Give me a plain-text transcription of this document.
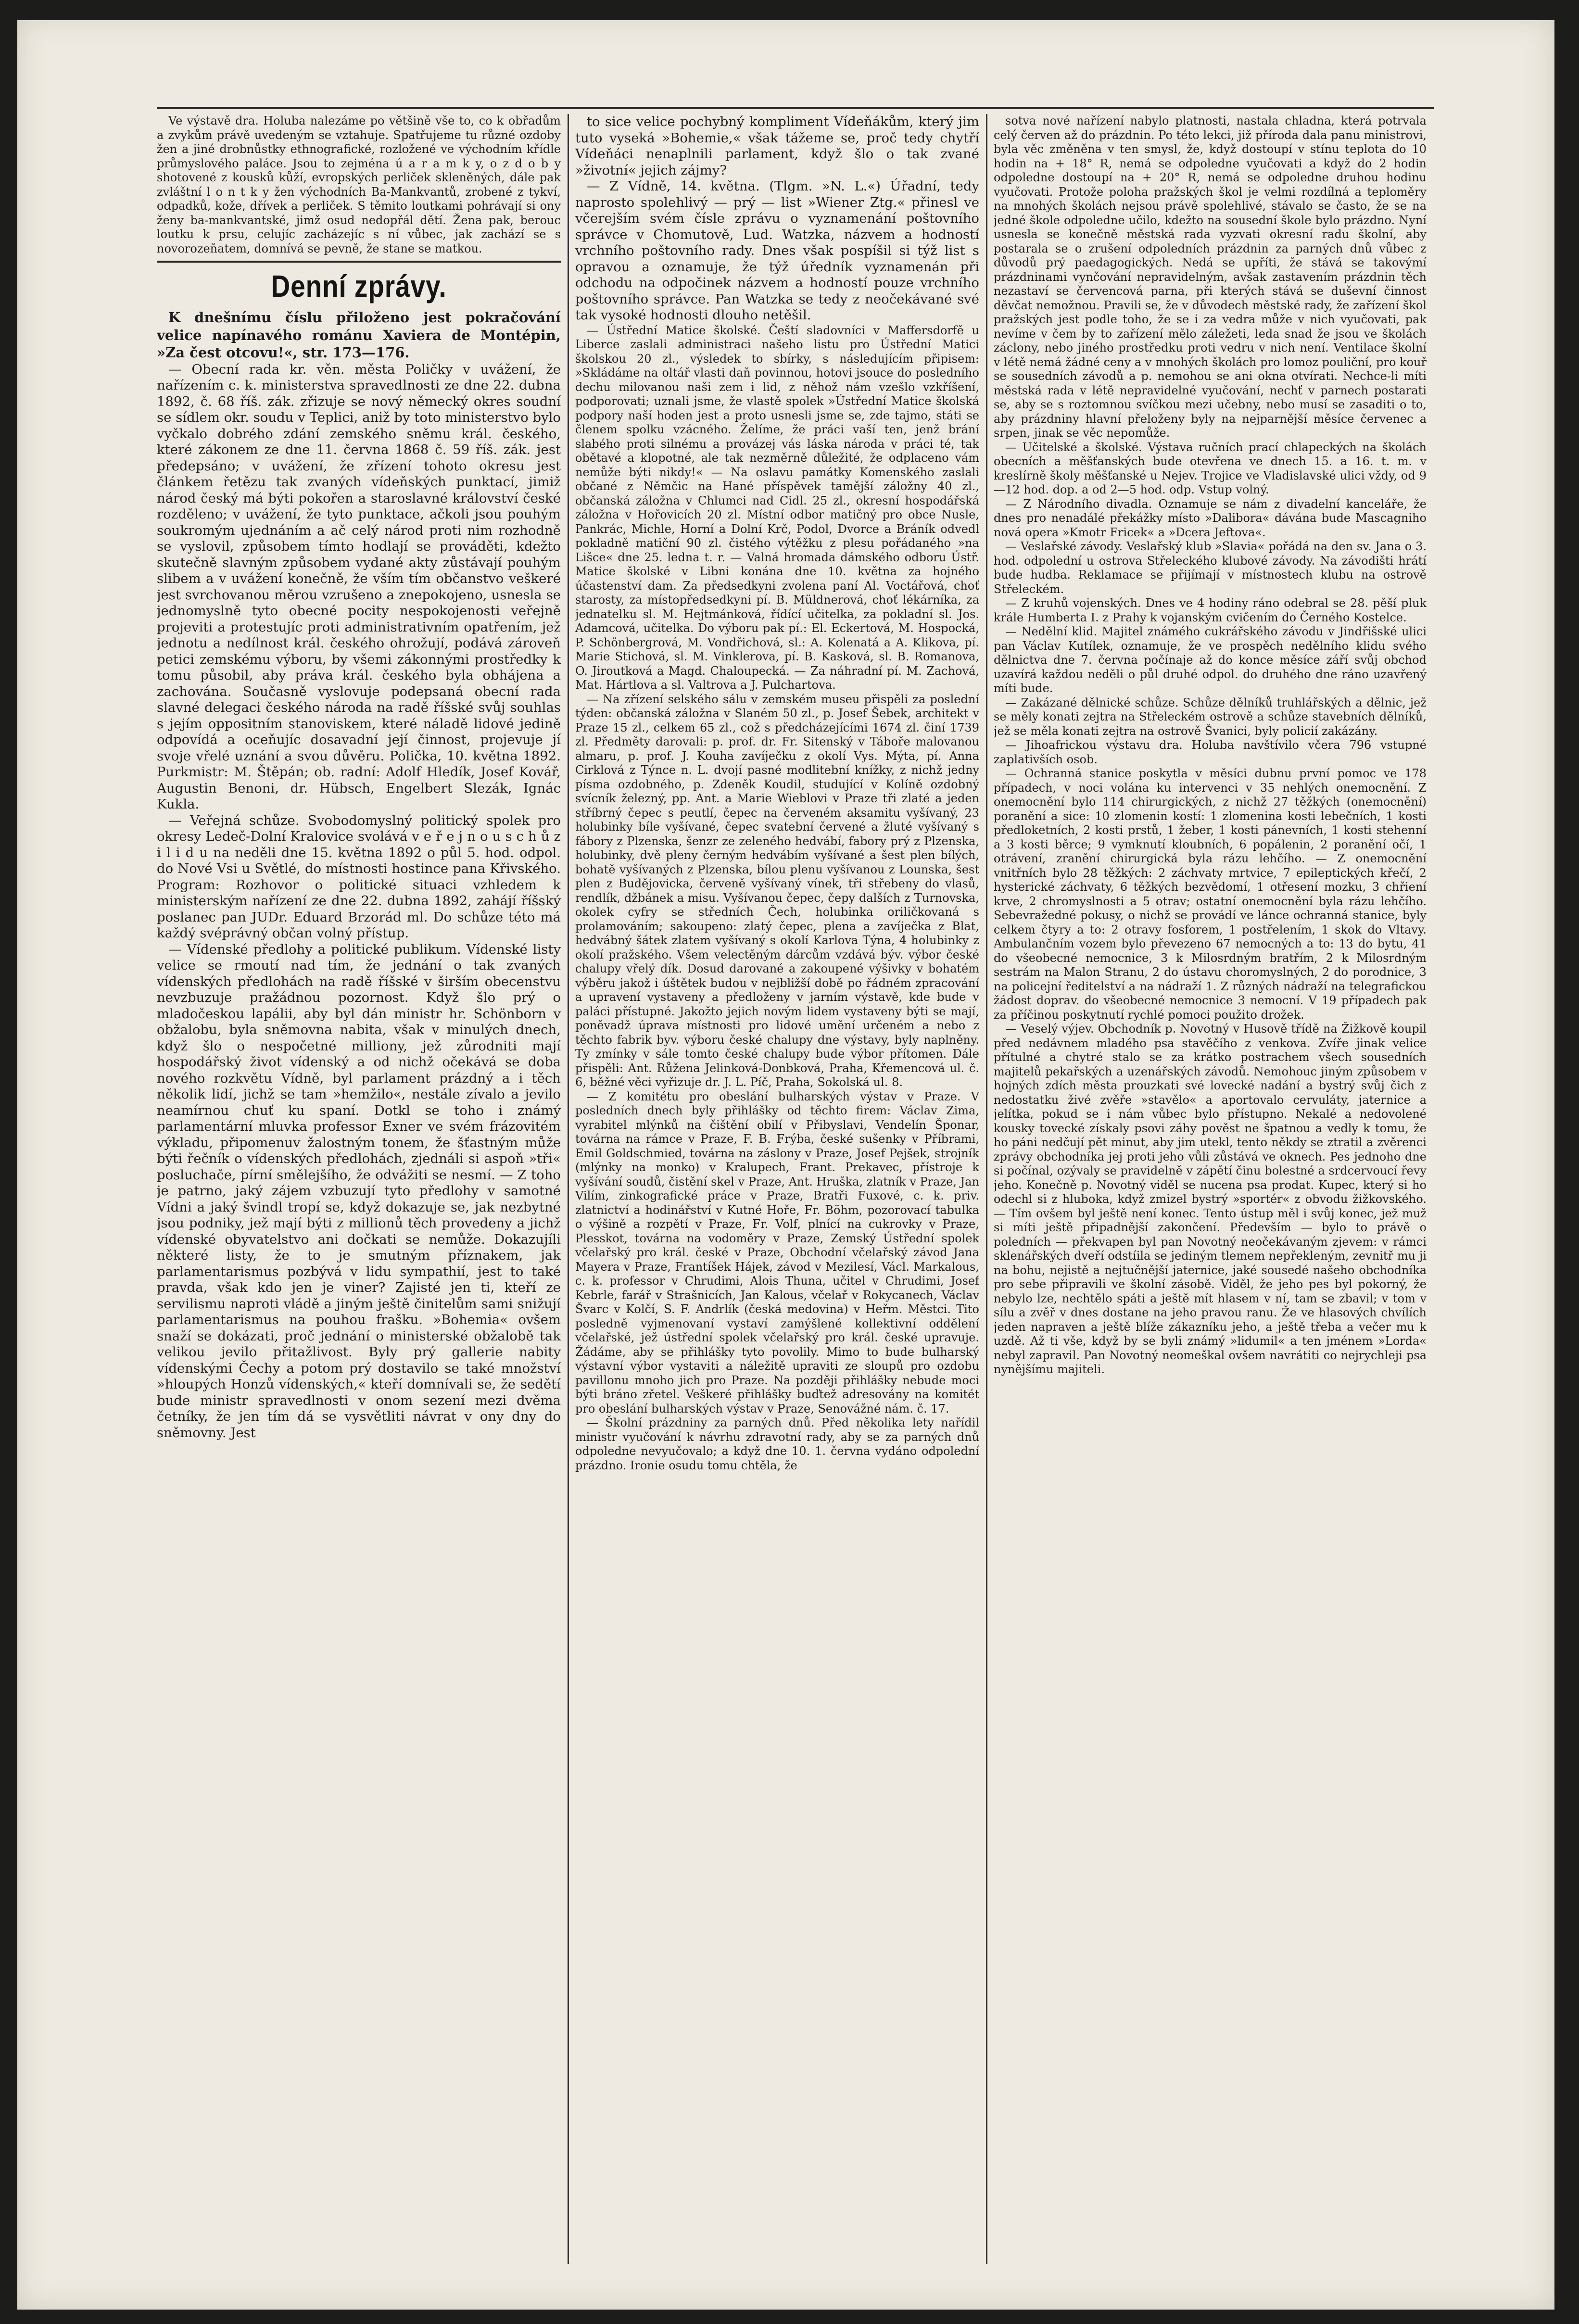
Ve výstavě dra. Holuba nalezáme po většině vše to, co k obřadům a zvykům právě uvedeným se vztahuje. Spatřujeme tu různé ozdoby žen a jiné drobnůstky ethnografické, rozložené ve východním křídle průmyslového paláce. Jsou to zejména ú a r a m k y, o z d o b y shotovené z kousků kůží, evropských perliček skleněných, dále pak zvláštní l o n t k y žen východních Ba-Mankvantů, zrobené z tykví, odpadků, kože, dřívek a perliček. S těmito loutkami pohrávají si ony ženy ba-mankvantské, jimž osud nedopřál dětí. Žena pak, berouc loutku k prsu, celujíc zacházejíc s ní vůbec, jak zachází se s novorozeňatem, domnívá se pevně, že stane se matkou.

Denní zprávy.

K dnešnímu číslu přiloženo jest pokračování velice napínavého románu Xaviera de Montépin, »Za čest otcovu!«, str. 173—176.

— Obecní rada kr. věn. města Poličky v uvážení, že nařízením c. k. ministerstva spravedlnosti ze dne 22. dubna 1892, č. 68 říš. zák. zřizuje se nový německý okres soudní se sídlem okr. soudu v Teplici, aniž by toto ministerstvo bylo vyčkalo dobrého zdání zemského sněmu král. českého, které zákonem ze dne 11. června 1868 č. 59 říš. zák. jest předepsáno; v uvážení, že zřízení tohoto okresu jest článkem řetězu tak zvaných vídeňských punktací, jimiž národ český má býti pokořen a staroslavné království české rozděleno; v uvážení, že tyto punktace, ačkoli jsou pouhým soukromým ujednáním a ač celý národ proti nim rozhodně se vyslovil, způsobem tímto hodlají se prováděti, kdežto skutečně slavným způsobem vydané akty zůstávají pouhým slibem a v uvážení konečně, že vším tím občanstvo veškeré jest svrchovanou měrou vzrušeno a znepokojeno, usnesla se jednomyslně tyto obecné pocity nespokojenosti veřejně projeviti a protestujíc proti administrativním opatřením, jež jednotu a nedílnost král. českého ohrožují, podává zároveň petici zemskému výboru, by všemi zákonnými prostředky k tomu působil, aby práva král. českého byla obhájena a zachována. Současně vyslovuje podepsaná obecní rada slavné delegaci českého národa na radě říšské svůj souhlas s jejím oppositním stanoviskem, které náladě lidové jedině odpovídá a oceňujíc dosavadní její činnost, projevuje jí svoje vřelé uznání a svou důvěru. Polička, 10. května 1892. Purkmistr: M. Štěpán; ob. radní: Adolf Hledík, Josef Kovář, Augustin Benoni, dr. Hübsch, Engelbert Slezák, Ignác Kukla.

— Veřejná schůze. Svobodomyslný politický spolek pro okresy Ledeč-Dolní Kralovice svolává v e ř e j n o u s c h ů z i l i d u na neděli dne 15. května 1892 o půl 5. hod. odpol. do Nové Vsi u Světlé, do místnosti hostince pana Křivského. Program: Rozhovor o politické situaci vzhledem k ministerským nařízení ze dne 22. dubna 1892, zahájí říšský poslanec pan JUDr. Eduard Brzorád ml. Do schůze této má každý svéprávný občan volný přístup.

— Vídenské předlohy a politické publikum. Vídenské listy velice se rmoutí nad tím, že jednání o tak zvaných vídenských předlohách na radě říšské v širším obecenstvu nevzbuzuje pražádnou pozornost. Když šlo prý o mladočeskou lapálii, aby byl dán ministr hr. Schönborn v obžalobu, byla sněmovna nabita, však v minulých dnech, když šlo o nespočetné milliony, jež zůrodniti mají hospodářský život vídenský a od nichž očekává se doba nového rozkvětu Vídně, byl parlament prázdný a i těch několik lidí, jichž se tam »hemžilo«, nestále zívalo a jevilo neamírnou chuť ku spaní. Dotkl se toho i známý parlamentární mluvka professor Exner ve svém frázovitém výkladu, připomenuv žalostným tonem, že šťastným může býti řečník o vídenských předlohách, zjednáli si aspoň »tři« posluchače, pírní smělejšího, že odvážiti se nesmí. — Z toho je patrno, jaký zájem vzbuzují tyto předlohy v samotné Vídni a jaký švindl tropí se, když dokazuje se, jak nezbytné jsou podniky, jež mají býti z millionů těch provedeny a jichž vídenské obyvatelstvo ani dočkati se nemůže. Dokazujíli některé listy, že to je smutným příznakem, jak parlamentarismus pozbývá v lidu sympathií, jest to také pravda, však kdo jen je viner? Zajisté jen ti, kteří ze servilismu naproti vládě a jiným ještě činitelům sami snižují parlamentarismus na pouhou frašku. »Bohemia« ovšem snaží se dokázati, proč jednání o ministerské obžalobě tak velikou jevilo přitažlivost. Byly prý gallerie nabity vídenskými Čechy a potom prý dostavilo se také množství »hloupých Honzů vídenských,« kteří domnívali se, že sedětí bude ministr spravedlnosti v onom sezení mezi dvěma četníky, že jen tím dá se vysvětliti návrat v ony dny do sněmovny. Jest

to sice velice pochybný kompliment Vídeňákům, který jim tuto vyseká »Bohemie,« však tážeme se, proč tedy chytří Vídeňáci nenaplnili parlament, když šlo o tak zvané »životní« jejich zájmy?

— Z Vídně, 14. května. (Tlgm. »N. L.«) Úřadní, tedy naprosto spolehlivý — prý — list »Wiener Ztg.« přinesl ve včerejším svém čísle zprávu o vyznamenání poštovního správce v Chomutově, Lud. Watzka, názvem a hodností vrchního poštovního rady. Dnes však pospíšil si týž list s opravou a oznamuje, že týž úředník vyznamenán při odchodu na odpočinek názvem a hodností pouze vrchního poštovního správce. Pan Watzka se tedy z neočekávané své tak vysoké hodnosti dlouho netěšil.

— Ústřední Matice školské. Čeští sladovníci v Maffersdorfě u Liberce zaslali administraci našeho listu pro Ústřední Matici školskou 20 zl., výsledek to sbírky, s následujícím připisem: »Skládáme na oltář vlasti daň povinnou, hotovi jsouce do posledního dechu milovanou naši zem i lid, z něhož nám vzešlo vzkříšení, podporovati; uznali jsme, že vlastě spolek »Ústřední Matice školská podpory naší hoden jest a proto usnesli jsme se, zde tajmo, státi se členem spolku vzácného. Želíme, že práci vaší ten, jenž brání slabého proti silnému a provázej vás láska národa v práci té, tak obětavé a klopotné, ale tak nezměrně důležité, že odplaceno vám nemůže býti nikdy!« — Na oslavu památky Komenského zaslali občané z Němčic na Hané příspěvek tamější záložny 40 zl., občanská záložna v Chlumci nad Cidl. 25 zl., okresní hospodářská záložna v Hořovicích 20 zl. Místní odbor matičný pro obce Nusle, Pankrác, Michle, Horní a Dolní Krč, Podol, Dvorce a Bráník odvedl pokladně matiční 90 zl. čistého výtěžku z plesu pořádaného »na Lišce« dne 25. ledna t. r. — Valná hromada dámského odboru Ústř. Matice školské v Libni konána dne 10. května za hojného účastenství dam. Za předsedkyni zvolena paní Al. Voctářová, choť starosty, za místopředsedkyni pí. B. Müldnerová, choť lékárníka, za jednatelku sl. M. Hejtmánková, řídící učitelka, za pokladní sl. Jos. Adamcová, učitelka. Do výboru pak pí.: El. Eckertová, M. Hospocká, P. Schönbergrová, M. Vondřichová, sl.: A. Kolenatá a A. Klikova, pí. Marie Stichová, sl. M. Vinklerova, pí. B. Kasková, sl. B. Romanova, O. Jiroutková a Magd. Chaloupecká. — Za náhradní pí. M. Zachová, Mat. Hártlova a sl. Valtrova a J. Pulchartova.

— Na zřízení selského sálu v zemském museu přispěli za poslední týden: občanská záložna v Slaném 50 zl., p. Josef Šebek, architekt v Praze 15 zl., celkem 65 zl., což s předcházejícími 1674 zl. činí 1739 zl. Předměty darovali: p. prof. dr. Fr. Sitenský v Táboře malovanou almaru, p. prof. J. Kouha zavíječku z okolí Vys. Mýta, pí. Anna Cirklová z Týnce n. L. dvojí pasné modlitební knížky, z nichž jedny písma ozdobného, p. Zdeněk Koudil, studující v Kolíně ozdobný svícník železný, pp. Ant. a Marie Wieblovi v Praze tři zlaté a jeden stříbrný čepec s peutlí, čepec na červeném aksamitu vyšívaný, 23 holubinky bíle vyšívané, čepec svatební červené a žluté vyšívaný s fábory z Plzenska, šenzr ze zeleného hedvábí, fabory prý z Plzenska, holubinky, dvě pleny černým hedvábím vyšívané a šest plen bílých, bohatě vyšívaných z Plzenska, bílou plenu vyšívanou z Lounska, šest plen z Budějovicka, červeně vyšívaný vínek, tři střebeny do vlasů, rendlík, džbánek a misu. Vyšívanou čepec, čepy dalších z Turnovska, okolek cyfry se středních Čech, holubinka oriličkovaná s prolamováním; sakoupeno: zlatý čepec, plena a zavíječka z Blat, hedvábný šátek zlatem vyšívaný s okolí Karlova Týna, 4 holubinky z okolí pražského. Všem velectěným dárcům vzdává býv. výbor české chalupy vřelý dík. Dosud darované a zakoupené výšivky v bohatém výběru jakož i úštětek budou v nejbližší době po řádném zpracování a upravení vystaveny a předloženy v jarním výstavě, kde bude v paláci přístupné. Jakožto jejich novým lidem vystaveny býti se mají, poněvadž úprava místnosti pro lidové umění určeném a nebo z těchto fabrik byv. výboru české chalupy dne výstavy, byly naplněny. Ty zmínky v sále tomto české chalupy bude výbor přítomen. Dále přispěli: Ant. Růžena Jelinková-Donbková, Praha, Křemencová ul. č. 6, běžné věci vyřizuje dr. J. L. Píč, Praha, Sokolská ul. 8.

— Z komitétu pro obeslání bulharských výstav v Praze. V posledních dnech byly přihlášky od těchto firem: Václav Zima, vyrabitel mlýnků na čištění obilí v Přibyslavi, Vendelín Šponar, továrna na rámce v Praze, F. B. Frýba, české sušenky v Příbrami, Emil Goldschmied, továrna na záslony v Praze, Josef Pejšek, strojník (mlýnky na monko) v Kralupech, Frant. Prekavec, přístroje k vyšívání soudů, čistění skel v Praze, Ant. Hruška, zlatník v Praze, Jan Vilím, zinkografické práce v Praze, Bratři Fuxové, c. k. priv. zlatnictví a hodinářství v Kutné Hoře, Fr. Böhm, pozorovací tabulka o výšině a rozpětí v Praze, Fr. Volf, plnící na cukrovky v Praze, Plesskot, továrna na vodoměry v Praze, Zemský Ústřední spolek včelařský pro král. české v Praze, Obchodní včelařský závod Jana Mayera v Praze, Frantíšek Hájek, závod v Mezilesí, Václ. Markalous, c. k. professor v Chrudimi, Alois Thuna, učitel v Chrudimi, Josef Kebrle, farář v Strašnicích, Jan Kalous, včelař v Rokycanech, Václav Švarc v Kolčí, S. F. Andrlík (česká medovina) v Heřm. Městci. Tito posledně vyjmenovaní vystaví zamýšlené kollektivní oddělení včelařské, jež ústřední spolek včelařský pro král. české upravuje. Žádáme, aby se přihlášky tyto povolily. Mimo to bude bulharský výstavní výbor vystaviti a náležitě upraviti ze sloupů pro ozdobu pavillonu mnoho jich pro Praze. Na později přihlášky nebude moci býti bráno zřetel. Veškeré přihlášky buďtež adresovány na komitét pro obeslání bulharských výstav v Praze, Senovážné nám. č. 17.

— Školní prázdniny za parných dnů. Před několika lety nařídil ministr vyučování k návrhu zdravotní rady, aby se za parných dnů odpoledne nevyučovalo; a když dne 10. 1. června vydáno odpolední prázdno. Ironie osudu tomu chtěla, že

sotva nové nařízení nabylo platnosti, nastala chladna, která potrvala celý červen až do prázdnin. Po této lekci, již příroda dala panu ministrovi, byla věc změněna v ten smysl, že, když dostoupí v stínu teplota do 10 hodin na + 18° R, nemá se odpoledne vyučovati a když do 2 hodin odpoledne dostoupí na + 20° R, nemá se odpoledne druhou hodinu vyučovati. Protože poloha pražských škol je velmi rozdílná a teploměry na mnohých školách nejsou právě spolehlivé, stávalo se často, že se na jedné škole odpoledne učilo, kdežto na sousední škole bylo prázdno. Nyní usnesla se konečně městská rada vyzvati okresní radu školní, aby postarala se o zrušení odpoledních prázdnin za parných dnů vůbec z důvodů prý paedagogických. Nedá se upříti, že stává se takovýmí prázdninami vynčování nepravidelným, avšak zastavením prázdnin těch nezastaví se červencová parna, při kterých stává se duševní činnost děvčat nemožnou. Pravili se, že v důvodech městské rady, že zařízení škol pražských jest podle toho, že se i za vedra může v nich vyučovati, pak nevíme v čem by to zařízení mělo záležeti, leda snad že jsou ve školách záclony, nebo jiného prostředku proti vedru v nich není. Ventilace školní v létě nemá žádné ceny a v mnohých školách pro lomoz pouliční, pro kouř se sousedních závodů a p. nemohou se ani okna otvírati. Nechce-li míti městská rada v létě nepravidelné vyučování, nechť v parnech postarati se, aby se s roztomnou svíčkou mezi učebny, nebo musí se zasaditi o to, aby prázdniny hlavní přeloženy byly na nejparnější měsíce červenec a srpen, jinak se věc nepomůže.

— Učitelské a školské. Výstava ručních prací chlapeckých na školách obecních a měšťanských bude otevřena ve dnech 15. a 16. t. m. v kreslírně školy měšťanské u Nejev. Trojice ve Vladislavské ulici vždy, od 9—12 hod. dop. a od 2—5 hod. odp. Vstup volný.

— Z Národního divadla. Oznamuje se nám z divadelní kanceláře, že dnes pro nenadálé překážky místo »Dalibora« dávána bude Mascagniho nová opera »Kmotr Fricek« a »Dcera Jeftova«.

— Veslařské závody. Veslařský klub »Slavia« pořádá na den sv. Jana o 3. hod. odpolední u ostrova Střeleckého klubové závody. Na závodišti hrátí bude hudba. Reklamace se přijímají v místnostech klubu na ostrově Střeleckém.

— Z kruhů vojenských. Dnes ve 4 hodiny ráno odebral se 28. pěší pluk krále Humberta I. z Prahy k vojanským cvičením do Černého Kostelce.

— Nedělní klid. Majitel známého cukrářského závodu v Jindřišské ulici pan Václav Kutílek, oznamuje, že ve prospěch nedělního klidu svého dělnictva dne 7. června počínaje až do konce měsíce září svůj obchod uzavírá každou neděli o půl druhé odpol. do druhého dne ráno uzavřený míti bude.

— Zakázané dělnické schůze. Schůze dělníků truhlářských a dělnic, jež se měly konati zejtra na Střeleckém ostrově a schůze stavebních dělníků, jež se měla konati zejtra na ostrově Švanici, byly policií zakázány.

— Jihoafrickou výstavu dra. Holuba navštívilo včera 796 vstupné zaplativších osob.

— Ochranná stanice poskytla v měsíci dubnu první pomoc ve 178 případech, v noci volána ku intervenci v 35 nehlých onemocnění. Z onemocnění bylo 114 chirurgických, z nichž 27 těžkých (onemocnění) poranění a sice: 10 zlomenin kostí: 1 zlomenina kosti lebečních, 1 kosti předloketních, 2 kosti prstů, 1 žeber, 1 kosti pánevních, 1 kosti stehenní a 3 kosti běrce; 9 vymknutí kloubních, 6 popálenin, 2 poranění očí, 1 otrávení, zranění chirurgická byla rázu lehčího. — Z onemocnění vnitřních bylo 28 těžkých: 2 záchvaty mrtvice, 7 epileptických křečí, 2 hysterické záchvaty, 6 těžkých bezvědomí, 1 otřesení mozku, 3 chřiení krve, 2 chromyslnosti a 5 otrav; ostatní onemocnění byla rázu lehčího. Sebevražedné pokusy, o nichž se provádí ve lánce ochranná stanice, byly celkem čtyry a to: 2 otravy fosforem, 1 postřelením, 1 skok do Vltavy. Ambulančním vozem bylo převezeno 67 nemocných a to: 13 do bytu, 41 do všeobecné nemocnice, 3 k Milosrdným bratřím, 2 k Milosrdným sestrám na Malon Stranu, 2 do ústavu choromyslných, 2 do porodnice, 3 na policejní ředitelství a na nádraží 1. Z různých nádraží na telegrafickou žádost doprav. do všeobecné nemocnice 3 nemocní. V 19 případech pak za příčinou poskytnutí rychlé pomoci použito drožek.

— Veselý výjev. Obchodník p. Novotný v Husově třídě na Žižkově koupil před nedávnem mladého psa stavěčího z venkova. Zvíře jinak velice přítulné a chytré stalo se za krátko postrachem všech sousedních majitelů pekařských a uzenářských závodů. Nemohouc jiným způsobem v hojných zdích města prouzkati své lovecké nadání a bystrý svůj čich z nedostatku živé zvěře »stavělo« a aportovalo cervuláty, jaternice a jelítka, pokud se i nám vůbec bylo přístupno. Nekalé a nedovolené kousky tovecké získaly psovi záhy pověst ne špatnou a vedly k tomu, že ho páni nedčují pět minut, aby jim utekl, tento někdy se ztratil a zvěrenci zprávy obchodníka jej proti jeho vůli zůstává ve oknech. Pes jednoho dne si počínal, ozývaly se pravidelně v zápětí činu bolestné a srdcervoucí řevy jeho. Konečně p. Novotný viděl se nucena psa prodat. Kupec, který si ho odechl si z hluboka, když zmizel bystrý »sportér« z obvodu žižkovského. — Tím ovšem byl ještě není konec. Tento ústup měl i svůj konec, jež muž si míti ještě připadnější zakončení. Především — bylo to právě o poledních — překvapen byl pan Novotný neočekávaným zjevem: v rámci sklenářských dveří odstíila se jediným tlemem nepřekleným, zevnitř mu ji na bohu, nejistě a nejtučnější jaternice, jaké sousedé našeho obchodníka pro sebe připravili ve školní zásobě. Viděl, že jeho pes byl pokorný, že nebylo lze, nechtělo spáti a ještě mít hlasem v ní, tam se zbavil; v tom v sílu a zvěř v dnes dostane na jeho pravou ranu. Že ve hlasových chvílích jeden napraven a ještě blíže zákazníku jeho, a ještě třeba a večer mu k uzdě. Až ti vše, když by se byli známý »lidumil« a ten jménem »Lorda« nebyl zapravil. Pan Novotný neomeškal ovšem navrátiti co nejrychleji psa nynějšímu majiteli.
